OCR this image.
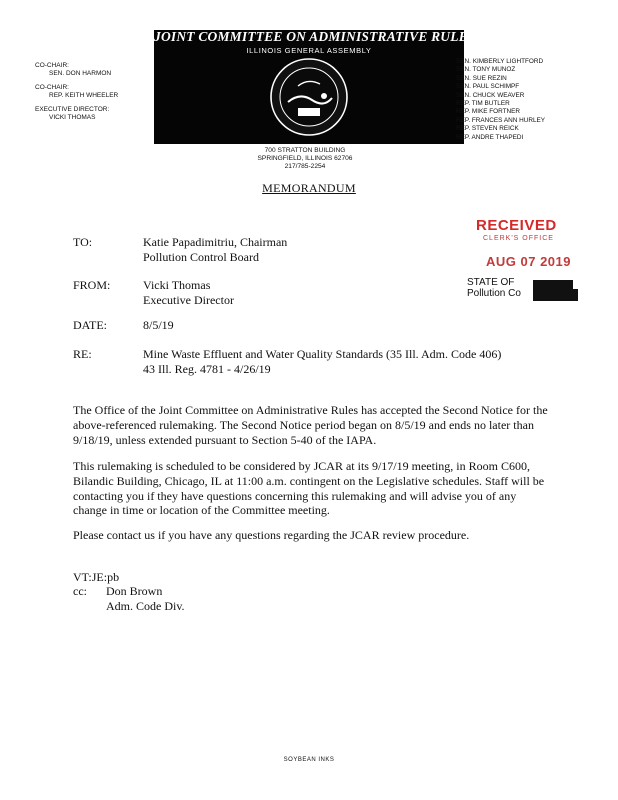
JOINT COMMITTEE ON ADMINISTRATIVE RULES
ILLINOIS GENERAL ASSEMBLY
CO-CHAIR:
SEN. DON HARMON
CO-CHAIR:
REP. KEITH WHEELER
EXECUTIVE DIRECTOR:
VICKI THOMAS
SEN. KIMBERLY LIGHTFORD
SEN. TONY MUNOZ
SEN. SUE REZIN
SEN. PAUL SCHIMPF
SEN. CHUCK WEAVER
REP. TIM BUTLER
REP. MIKE FORTNER
REP. FRANCES ANN HURLEY
REP. STEVEN REICK
REP. ANDRE THAPEDI
700 STRATTON BUILDING
SPRINGFIELD, ILLINOIS 62706
217/785-2254
MEMORANDUM
RECEIVED
CLERK'S OFFICE
AUG 07 2019
STATE OF
Pollution Co
TO:	Katie Papadimitriu, Chairman
Pollution Control Board
FROM:	Vicki Thomas
Executive Director
DATE:	8/5/19
RE:	Mine Waste Effluent and Water Quality Standards (35 Ill. Adm. Code 406)
43 Ill. Reg. 4781 - 4/26/19
The Office of the Joint Committee on Administrative Rules has accepted the Second Notice for the above-referenced rulemaking. The Second Notice period began on 8/5/19 and ends no later than 9/18/19, unless extended pursuant to Section 5-40 of the IAPA.
This rulemaking is scheduled to be considered by JCAR at its 9/17/19 meeting, in Room C600, Bilandic Building, Chicago, IL at 11:00 a.m. contingent on the Legislative schedules. Staff will be contacting you if they have questions concerning this rulemaking and will advise you of any change in time or location of the Committee meeting.
Please contact us if you have any questions regarding the JCAR review procedure.
VT:JE:pb
cc: Don Brown
Adm. Code Div.
SOYBEAN INKS
